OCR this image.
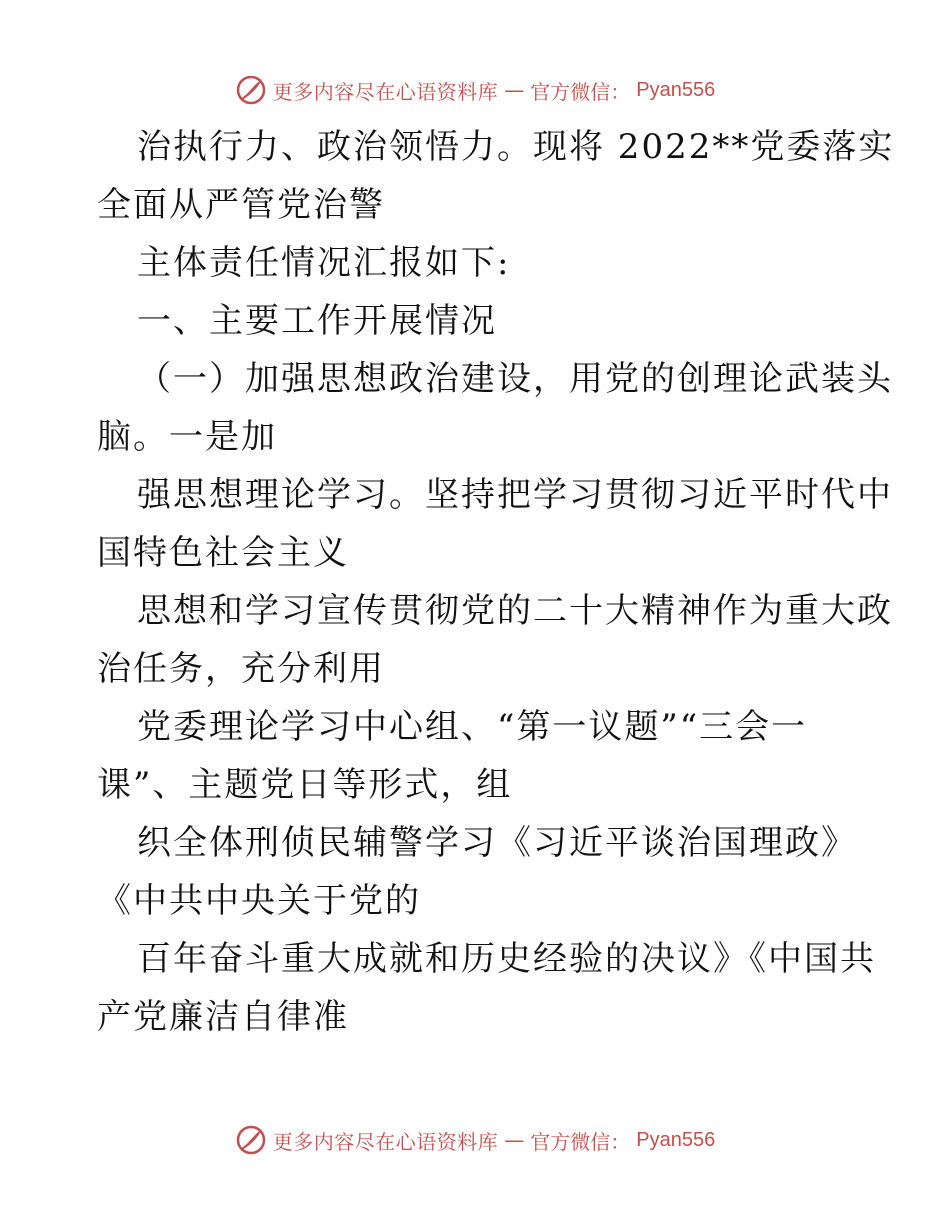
更多内容尽在心语资料库 — 官方微信： Pyan556
治执行力、政治领悟力。现将 2022**党委落实
全面从严管党治警
主体责任情况汇报如下:
一、主要工作开展情况
（一）加强思想政治建设，用党的创理论武装头
脑。一是加
强思想理论学习。坚持把学习贯彻习近平时代中
国特色社会主义
思想和学习宣传贯彻党的二十大精神作为重大政
治任务，充分利用
党委理论学习中心组、“第一议题”“三会一
课”、主题党日等形式，组
织全体刑侦民辅警学习《习近平谈治国理政》
《中共中央关于党的
百年奋斗重大成就和历史经验的决议》《中国共
产党廉洁自律准
更多内容尽在心语资料库 — 官方微信： Pyan556
